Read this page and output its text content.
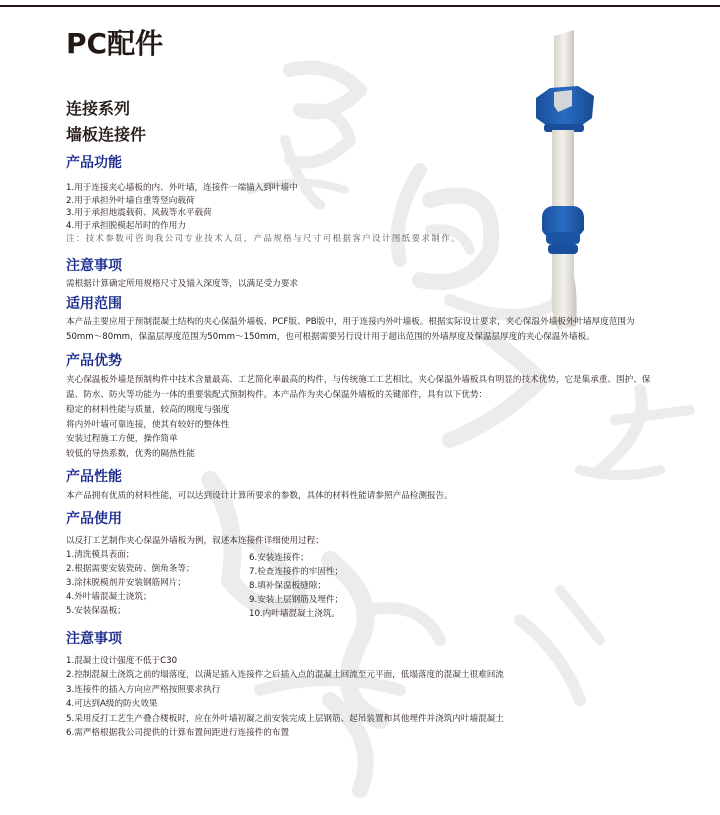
PC配件
连接系列
墙板连接件
产品功能
1.用于连接夹心墙板的内、外叶墙，连接件一端锚入到叶墙中
2.用于承担外叶墙自重等竖向载荷
3.用于承担地震载荷、风载等水平载荷
4.用于承担脱模起吊时的作用力
注：技术参数可咨询我公司专业技术人员，产品规格与尺寸可根据客户设计图纸要求制作。
注意事项
需根据计算确定所用规格尺寸及锚入深度等，以满足受力要求
适用范围
本产品主要应用于预制混凝土结构的夹心保温外墙板、PCF版、PB版中，用于连接内外叶墙板。根据实际设计要求，夹心保温外墙板外叶墙厚度范围为50mm～80mm，保温层厚度范围为50mm～150mm，也可根据需要另行设计用于超出范围的外墙厚度及保温层厚度的夹心保温外墙板。
产品优势
夹心保温板外墙是预制构件中技术含量最高、工艺简化率最高的构件，与传统施工工艺相比，夹心保温外墙板具有明显的技术优势，它是集承重、围护、保温、防水、防火等功能为一体的重要装配式预制构件。本产品作为夹心保温外墙板的关键部件，具有以下优势：
稳定的材料性能与质量，较高的刚度与强度
将内外叶墙可靠连接，使其有较好的整体性
安装过程施工方便，操作简单
较低的导热系数，优秀的隔热性能
产品性能
本产品拥有优质的材料性能，可以达到设计计算所要求的参数，具体的材料性能请参照产品检测报告。
产品使用
以反打工艺制作夹心保温外墙板为例，叙述本连接件详细使用过程；
1.清洗模具表面；
2.根据需要安装瓷砖、倒角条等；
3.涂抹脱模剂并安装钢筋网片；
4.外叶墙混凝土浇筑；
5.安装保温板；
6.安装连接件；
7.检查连接件的牢固性；
8.填补保温板缝隙；
9.安装上层钢筋及埋件；
10.内叶墙混凝土浇筑。
注意事项
1.混凝土设计强度不低于C30
2.控制混凝土浇筑之前的塌落度，以满足插入连接件之后插入点的混凝土回流至元平面，低塌落度的混凝土很难回流
3.连接件的插入方向应严格按照要求执行
4.可达到A级的防火效果
5.采用反打工艺生产叠合楼板时，应在外叶墙初凝之前安装完成上层钢筋、起吊装置和其他埋件并浇筑内叶墙混凝土
6.需严格根据我公司提供的计算布置间距进行连接件的布置
